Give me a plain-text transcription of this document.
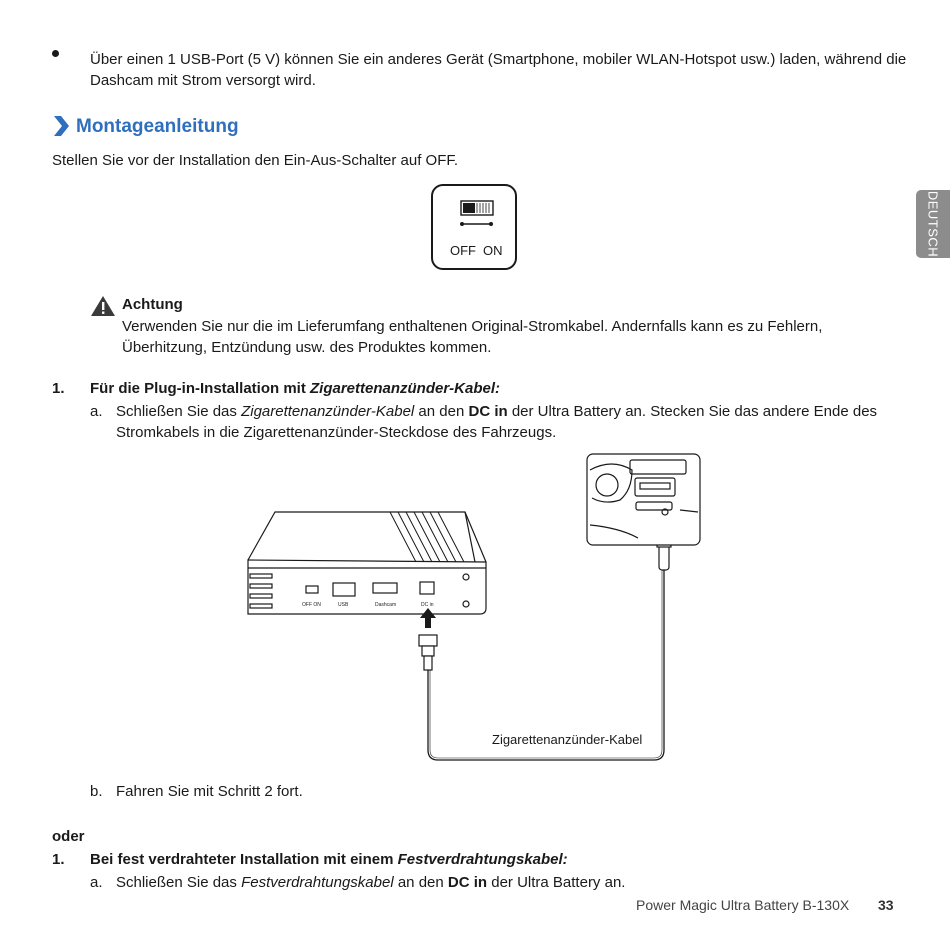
Über einen 1 USB-Port (5 V) können Sie ein anderes Gerät (Smartphone, mobiler WLAN-Hotspot usw.) laden, während die Dashcam mit Strom versorgt wird.
Montageanleitung
Stellen Sie vor der Installation den Ein-Aus-Schalter auf OFF.
OFF ON
Achtung
Verwenden Sie nur die im Lieferumfang enthaltenen Original-Stromkabel. Andernfalls kann es zu Fehlern, Überhitzung, Entzündung usw. des Produktes kommen.
1. Für die Plug-in-Installation mit Zigarettenanzünder-Kabel:
a. Schließen Sie das Zigarettenanzünder-Kabel an den DC in der Ultra Battery an. Stecken Sie das andere Ende des Stromkabels in die Zigarettenanzünder-Steckdose des Fahrzeugs.
OFF ON	USB	Dashcam	DC in
Zigarettenanzünder-Kabel
b. Fahren Sie mit Schritt 2 fort.
oder
1. Bei fest verdrahteter Installation mit einem Festverdrahtungskabel:
a. Schließen Sie das Festverdrahtungskabel an den DC in der Ultra Battery an.
Power Magic Ultra Battery B-130X 33
DEUTSCH
